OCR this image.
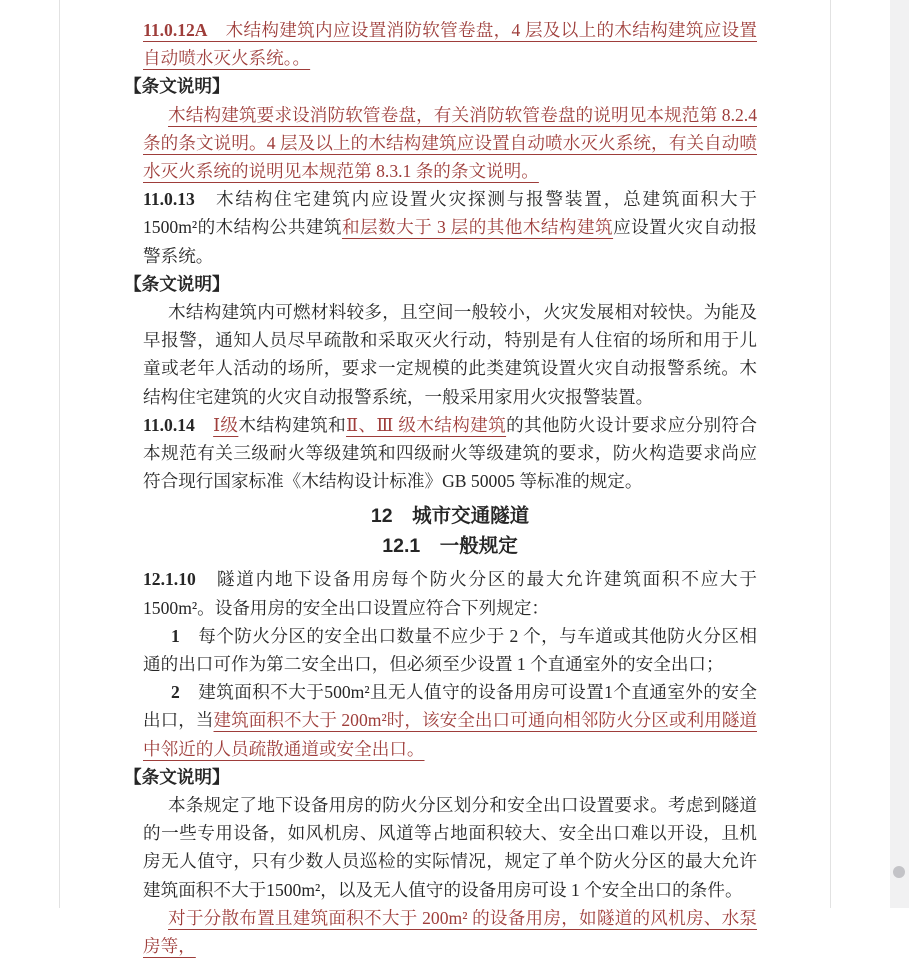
11.0.12A　木结构建筑内应设置消防软管卷盘，4 层及以上的木结构建筑应设置自动喷水灭火系统。。
【条文说明】
木结构建筑要求设消防软管卷盘，有关消防软管卷盘的说明见本规范第 8.2.4 条的条文说明。4 层及以上的木结构建筑应设置自动喷水灭火系统，有关自动喷水灭火系统的说明见本规范第 8.3.1 条的条文说明。
11.0.13　木结构住宅建筑内应设置火灾探测与报警装置，总建筑面积大于 1500m²的木结构公共建筑和层数大于 3 层的其他木结构建筑应设置火灾自动报警系统。
【条文说明】
木结构建筑内可燃材料较多，且空间一般较小，火灾发展相对较快。为能及早报警，通知人员尽早疏散和采取灭火行动，特别是有人住宿的场所和用于儿童或老年人活动的场所，要求一定规模的此类建筑设置火灾自动报警系统。木结构住宅建筑的火灾自动报警系统，一般采用家用火灾报警装置。
11.0.14　 Ⅰ级木结构建筑和Ⅱ、Ⅲ 级木结构建筑的其他防火设计要求应分别符合本规范有关三级耐火等级建筑和四级耐火等级建筑的要求，防火构造要求尚应符合现行国家标准《木结构设计标准》GB 50005 等标准的规定。
12　城市交通隧道
12.1　一般规定
12.1.10　隧道内地下设备用房每个防火分区的最大允许建筑面积不应大于 1500m²。设备用房的安全出口设置应符合下列规定：
1　每个防火分区的安全出口数量不应少于 2 个，与车道或其他防火分区相通的出口可作为第二安全出口，但必须至少设置 1 个直通室外的安全出口；
2　建筑面积不大于500m²且无人值守的设备用房可设置1个直通室外的安全出口，当建筑面积不大于 200m²时，该安全出口可通向相邻防火分区或利用隧道中邻近的人员疏散通道或安全出口。
【条文说明】
本条规定了地下设备用房的防火分区划分和安全出口设置要求。考虑到隧道的一些专用设备，如风机房、风道等占地面积较大、安全出口难以开设，且机房无人值守，只有少数人员巡检的实际情况，规定了单个防火分区的最大允许建筑面积不大于1500m²，以及无人值守的设备用房可设 1 个安全出口的条件。
对于分散布置且建筑面积不大于 200m² 的设备用房，如隧道的风机房、水泵房等，
